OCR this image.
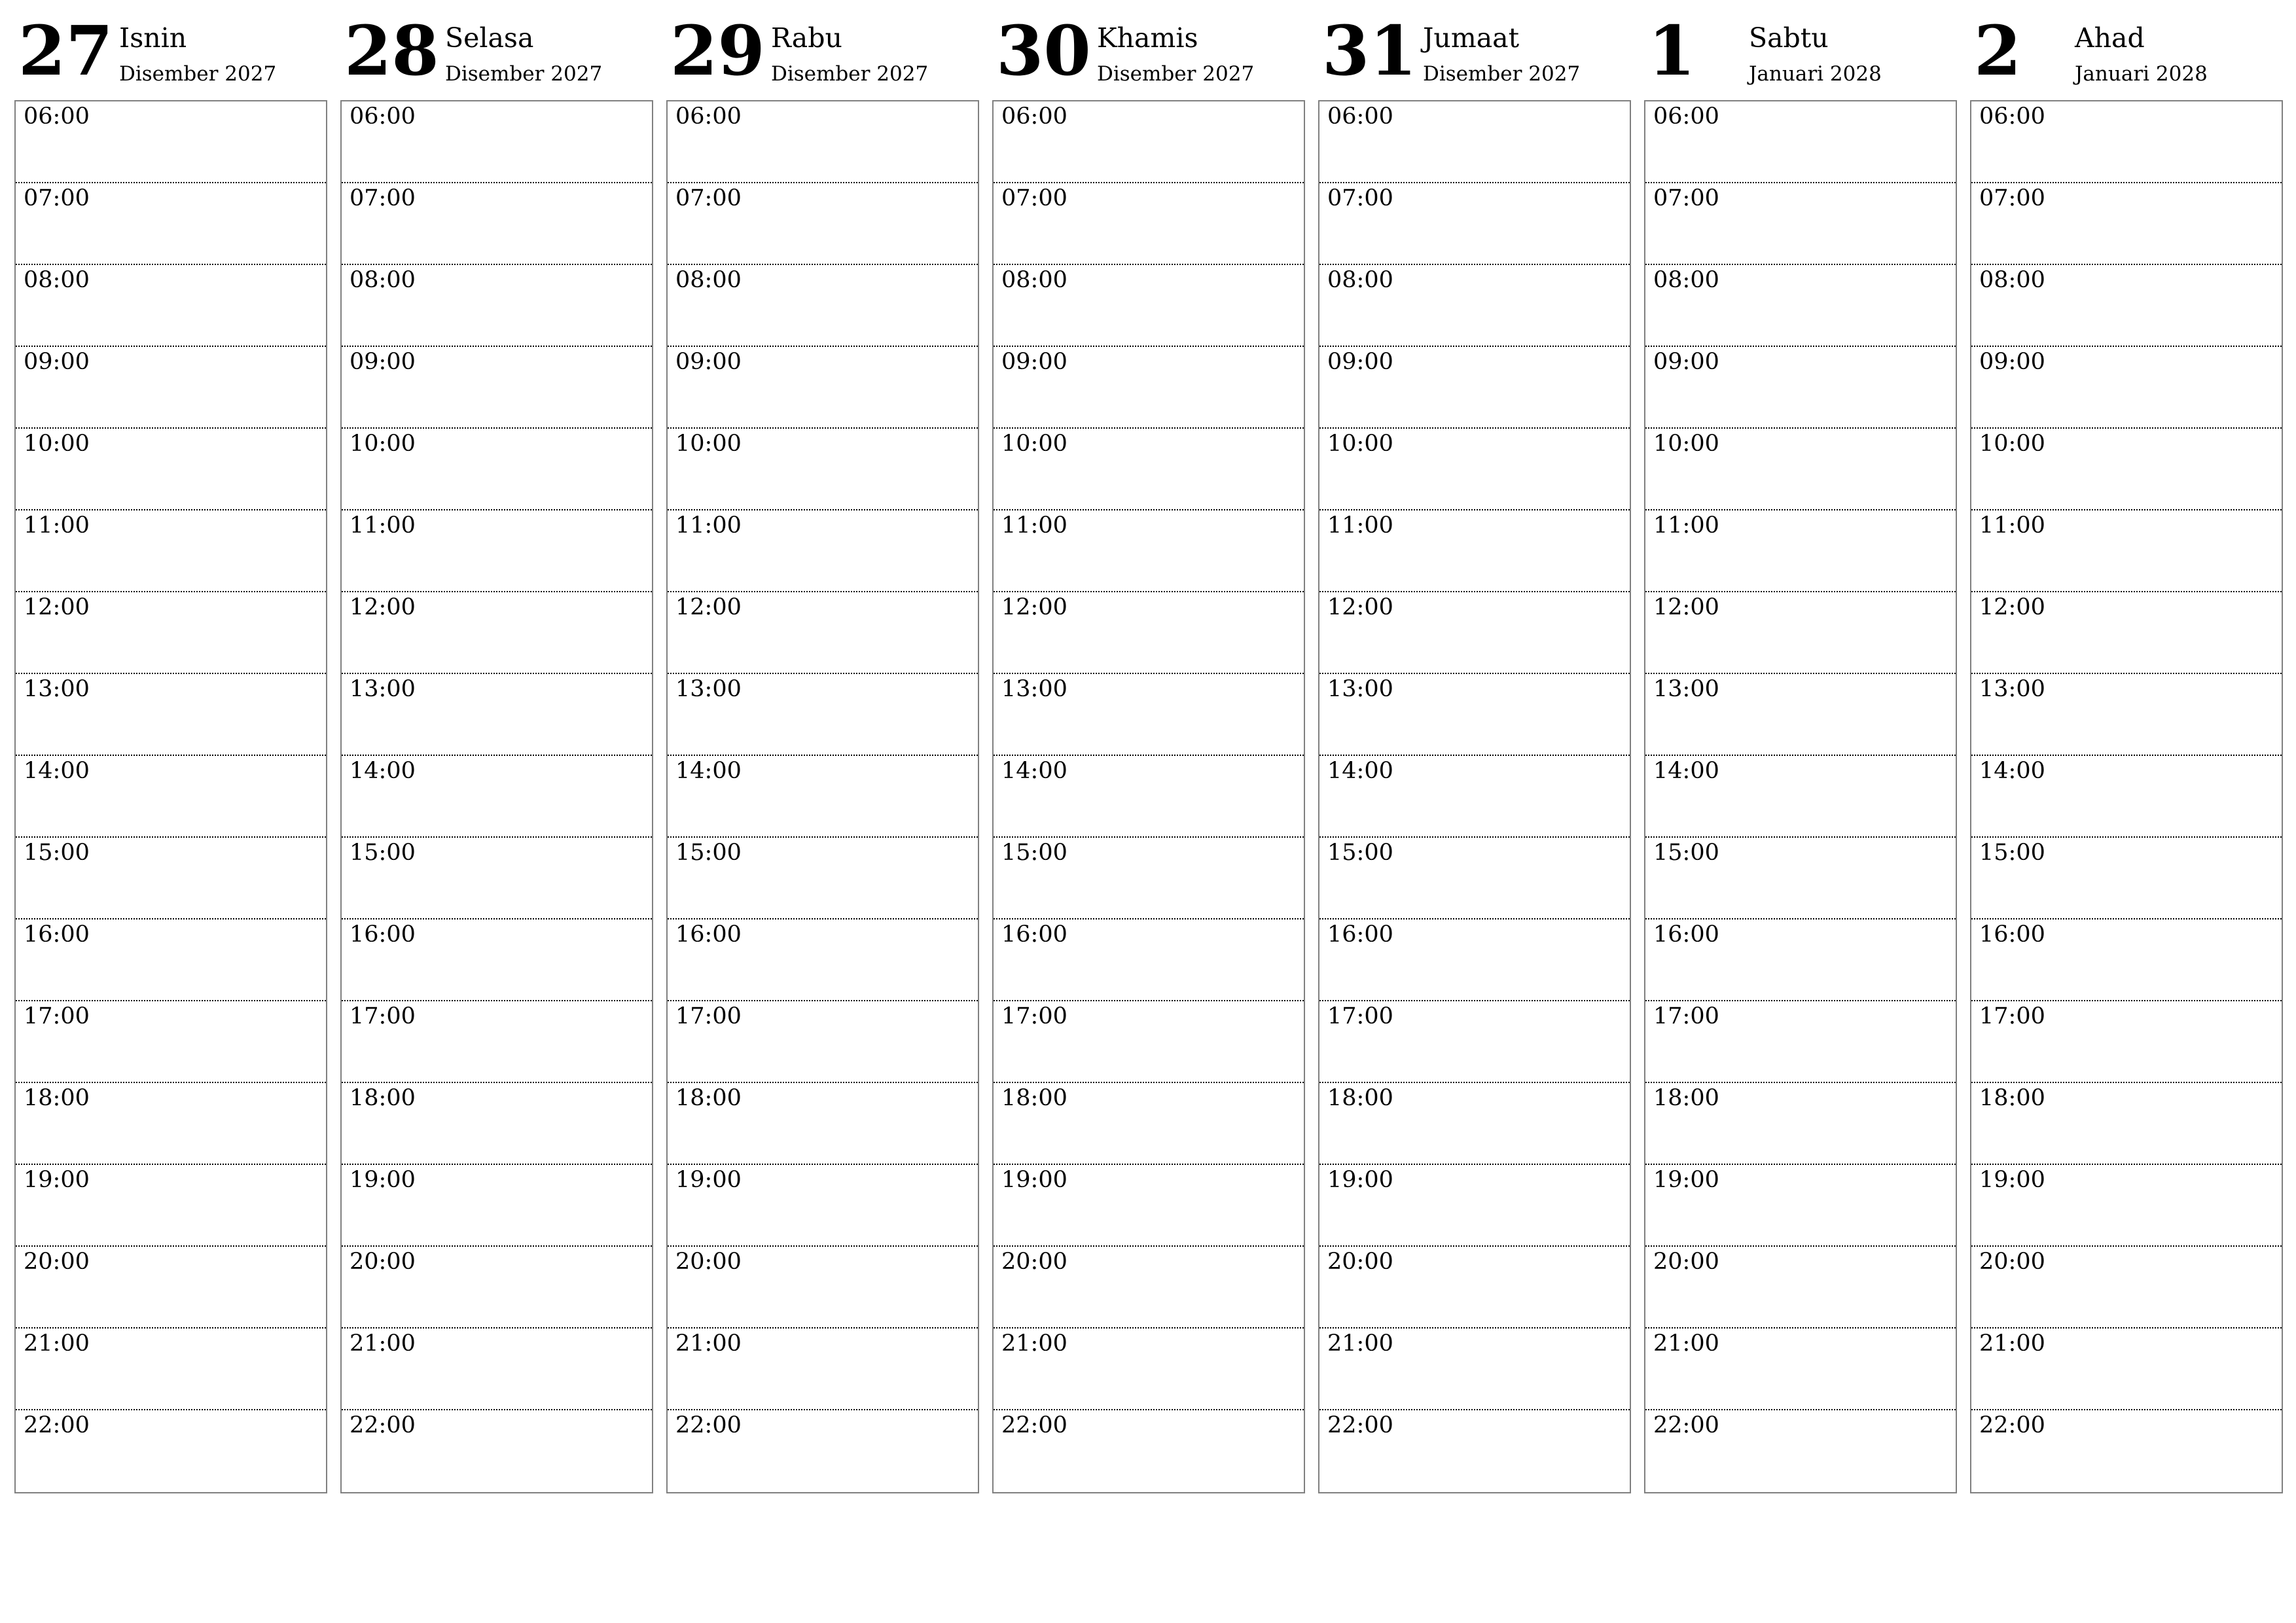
27 Isnin
Disember 2027
06:00
07:00
08:00
09:00
10:00
11:00
12:00
13:00
14:00
15:00
16:00
17:00
18:00
19:00
20:00
21:00
22:00
28 Selasa
Disember 2027
06:00
07:00
08:00
09:00
10:00
11:00
12:00
13:00
14:00
15:00
16:00
17:00
18:00
19:00
20:00
21:00
22:00
29 Rabu
Disember 2027
06:00
07:00
08:00
09:00
10:00
11:00
12:00
13:00
14:00
15:00
16:00
17:00
18:00
19:00
20:00
21:00
22:00
30 Khamis
Disember 2027
06:00
07:00
08:00
09:00
10:00
11:00
12:00
13:00
14:00
15:00
16:00
17:00
18:00
19:00
20:00
21:00
22:00
31 Jumaat
Disember 2027
06:00
07:00
08:00
09:00
10:00
11:00
12:00
13:00
14:00
15:00
16:00
17:00
18:00
19:00
20:00
21:00
22:00
1 Sabtu
Januari 2028
06:00
07:00
08:00
09:00
10:00
11:00
12:00
13:00
14:00
15:00
16:00
17:00
18:00
19:00
20:00
21:00
22:00
2 Ahad
Januari 2028
06:00
07:00
08:00
09:00
10:00
11:00
12:00
13:00
14:00
15:00
16:00
17:00
18:00
19:00
20:00
21:00
22:00
